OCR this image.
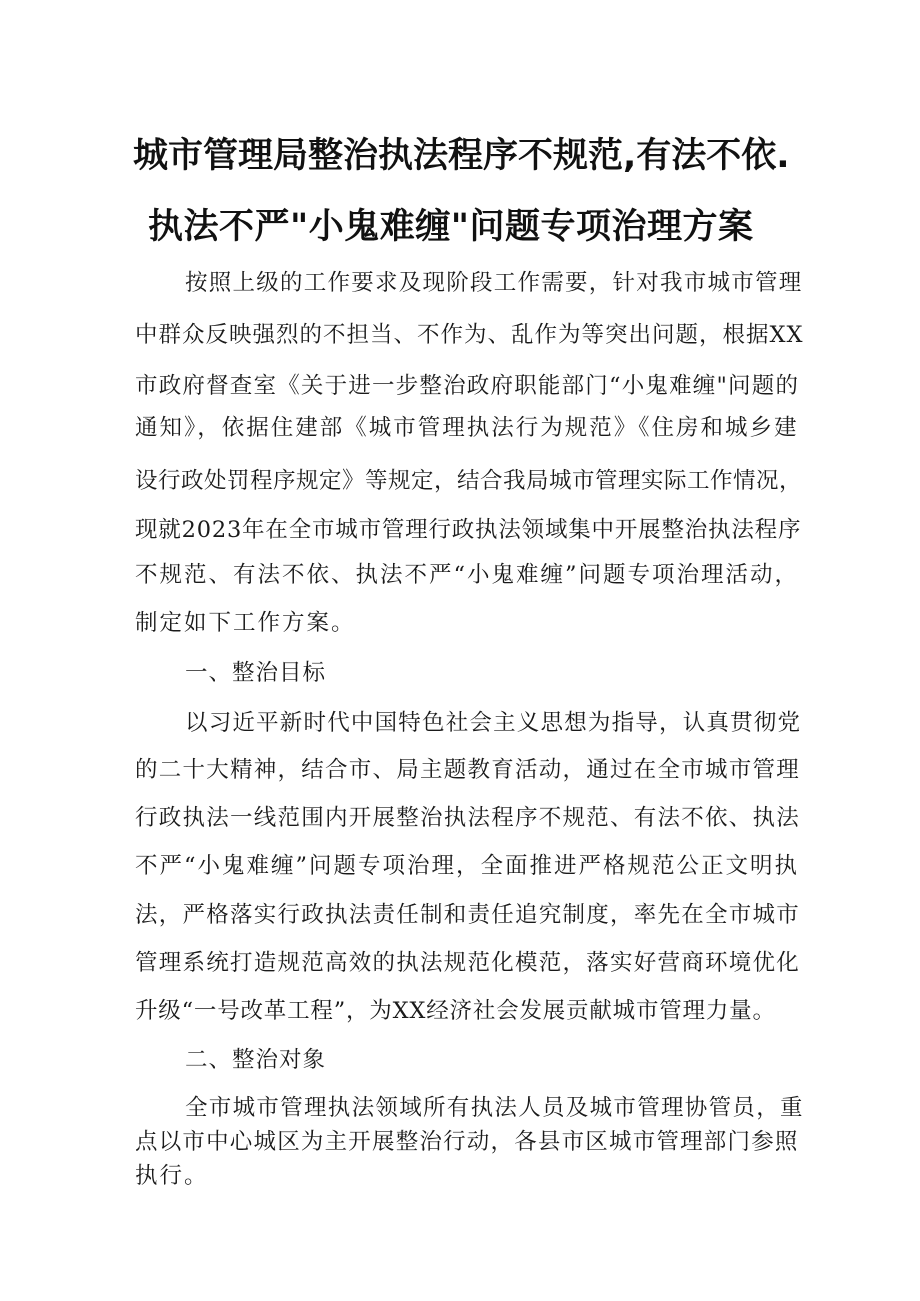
城市管理局整治执法程序不规范,有法不依.
执法不严"小鬼难缠"问题专项治理方案
按照上级的工作要求及现阶段工作需要，针对我市城市管理
中群众反映强烈的不担当、不作为、乱作为等突出问题，根据XX
市政府督查室《关于进一步整治政府职能部门“小鬼难缠"问题的
通知》，依据住建部《城市管理执法行为规范》《住房和城乡建
设行政处罚程序规定》等规定，结合我局城市管理实际工作情况，
现就2023年在全市城市管理行政执法领域集中开展整治执法程序
不规范、有法不依、执法不严“小鬼难缠”问题专项治理活动，
制定如下工作方案。
一、整治目标
以习近平新时代中国特色社会主义思想为指导，认真贯彻党
的二十大精神，结合市、局主题教育活动，通过在全市城市管理
行政执法一线范围内开展整治执法程序不规范、有法不依、执法
不严“小鬼难缠”问题专项治理，全面推进严格规范公正文明执
法，严格落实行政执法责任制和责任追究制度，率先在全市城市
管理系统打造规范高效的执法规范化模范，落实好营商环境优化
升级“一号改革工程”，为XX经济社会发展贡献城市管理力量。
二、整治对象
全市城市管理执法领域所有执法人员及城市管理协管员，重
点以市中心城区为主开展整治行动，各县市区城市管理部门参照
执行。
